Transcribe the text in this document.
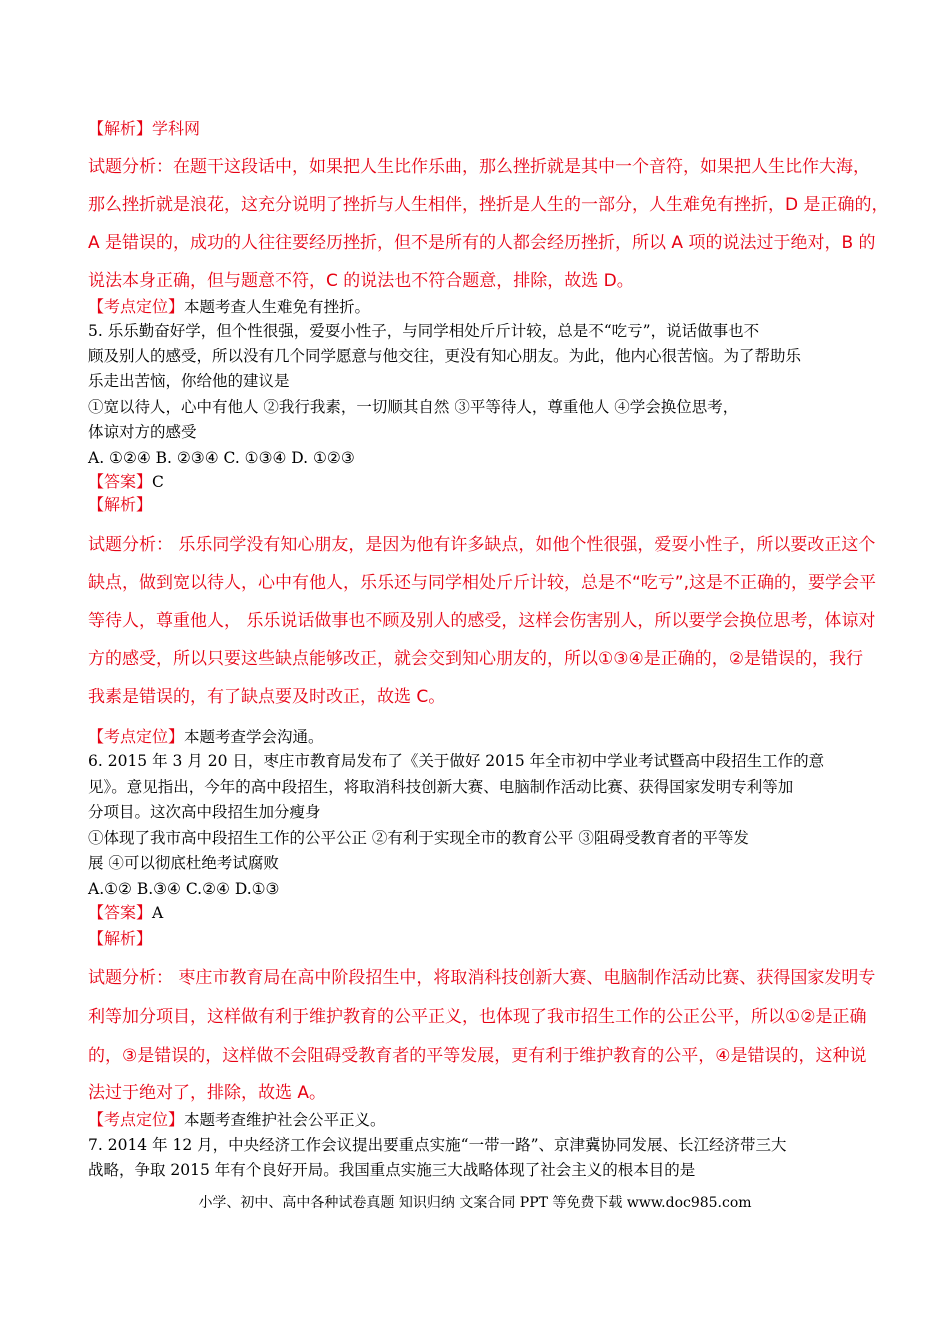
【解析】学科网
试题分析：在题干这段话中，如果把人生比作乐曲，那么挫折就是其中一个音符，如果把人生比作大海，
那么挫折就是浪花，这充分说明了挫折与人生相伴，挫折是人生的一部分，人生难免有挫折，D 是正确的，
A 是错误的，成功的人往往要经历挫折，但不是所有的人都会经历挫折，所以 A 项的说法过于绝对，B 的
说法本身正确，但与题意不符，C 的说法也不符合题意，排除，故选 D。
【考点定位】本题考查人生难免有挫折。
5. 乐乐勤奋好学，但个性很强，爱耍小性子，与同学相处斤斤计较，总是不“吃亏”，说话做事也不
顾及别人的感受，所以没有几个同学愿意与他交往，更没有知心朋友。为此，他内心很苦恼。为了帮助乐
乐走出苦恼，你给他的建议是
①宽以待人，心中有他人 ②我行我素，一切顺其自然 ③平等待人，尊重他人 ④学会换位思考，
体谅对方的感受
A. ①②④ B. ②③④ C. ①③④ D. ①②③
【答案】C
【解析】
试题分析： 乐乐同学没有知心朋友，是因为他有许多缺点，如他个性很强，爱耍小性子，所以要改正这个
缺点，做到宽以待人，心中有他人，乐乐还与同学相处斤斤计较，总是不“吃亏”,这是不正确的，要学会平
等待人，尊重他人， 乐乐说话做事也不顾及别人的感受，这样会伤害别人，所以要学会换位思考，体谅对
方的感受，所以只要这些缺点能够改正，就会交到知心朋友的，所以①③④是正确的，②是错误的，我行
我素是错误的，有了缺点要及时改正，故选 C。
【考点定位】本题考查学会沟通。
6. 2015 年 3 月 20 日，枣庄市教育局发布了《关于做好 2015 年全市初中学业考试暨高中段招生工作的意
见》。意见指出，今年的高中段招生，将取消科技创新大赛、电脑制作活动比赛、获得国家发明专利等加
分项目。这次高中段招生加分瘦身
①体现了我市高中段招生工作的公平公正 ②有利于实现全市的教育公平 ③阻碍受教育者的平等发
展 ④可以彻底杜绝考试腐败
A.①② B.③④ C.②④ D.①③
【答案】A
【解析】
试题分析： 枣庄市教育局在高中阶段招生中，将取消科技创新大赛、电脑制作活动比赛、获得国家发明专
利等加分项目，这样做有利于维护教育的公平正义，也体现了我市招生工作的公正公平，所以①②是正确
的，③是错误的，这样做不会阻碍受教育者的平等发展，更有利于维护教育的公平，④是错误的，这种说
法过于绝对了，排除，故选 A。
【考点定位】本题考查维护社会公平正义。
7. 2014 年 12 月，中央经济工作会议提出要重点实施“一带一路”、京津冀协同发展、长江经济带三大
战略，争取 2015 年有个良好开局。我国重点实施三大战略体现了社会主义的根本目的是
小学、初中、高中各种试卷真题 知识归纳 文案合同 PPT 等免费下载 www.doc985.com
